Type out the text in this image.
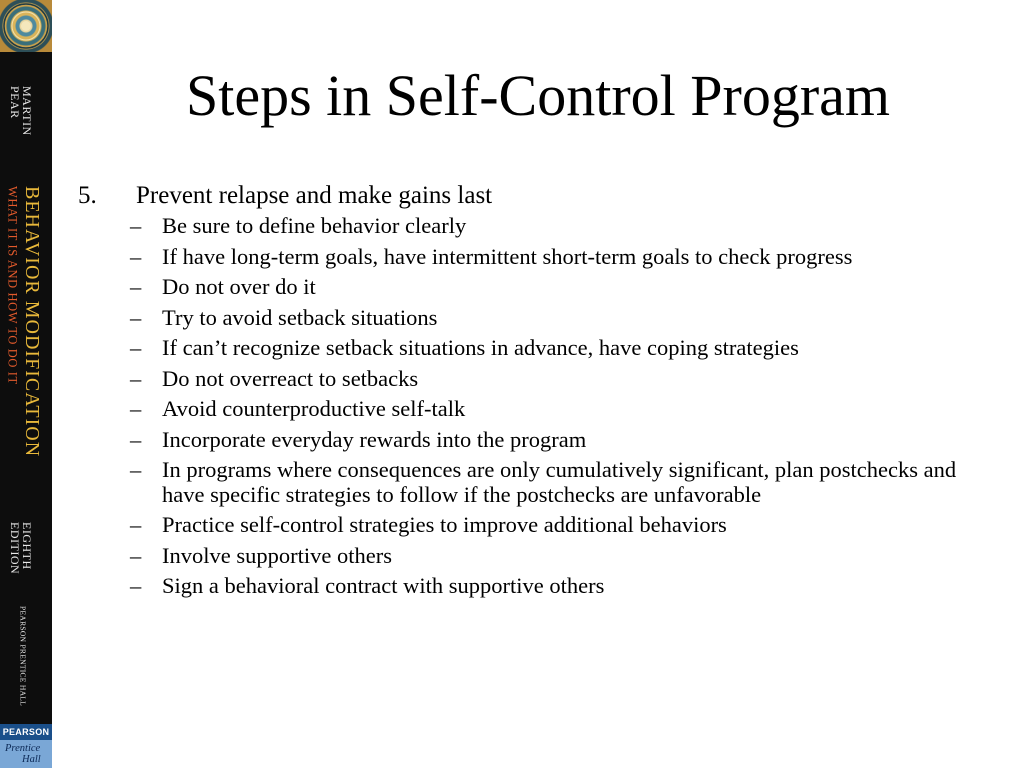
MARTIN
PEAR
BEHAVIOR MODIFICATION
WHAT IT IS AND HOW TO DO IT
EIGHTH
EDITION
PEARSON PRENTICE HALL
PEARSON
Prentice
Hall
Steps in Self-Control Program
5. Prevent relapse and make gains last
– Be sure to define behavior clearly
– If have long-term goals, have intermittent short-term goals to check progress
– Do not over do it
– Try to avoid setback situations
– If can’t recognize setback situations in advance, have coping strategies
– Do not overreact to setbacks
– Avoid counterproductive self-talk
– Incorporate everyday rewards into the program
– In programs where consequences are only cumulatively significant, plan postchecks and have specific strategies to follow if the postchecks are unfavorable
– Practice self-control strategies to improve additional behaviors
– Involve supportive others
– Sign a behavioral contract with supportive others
